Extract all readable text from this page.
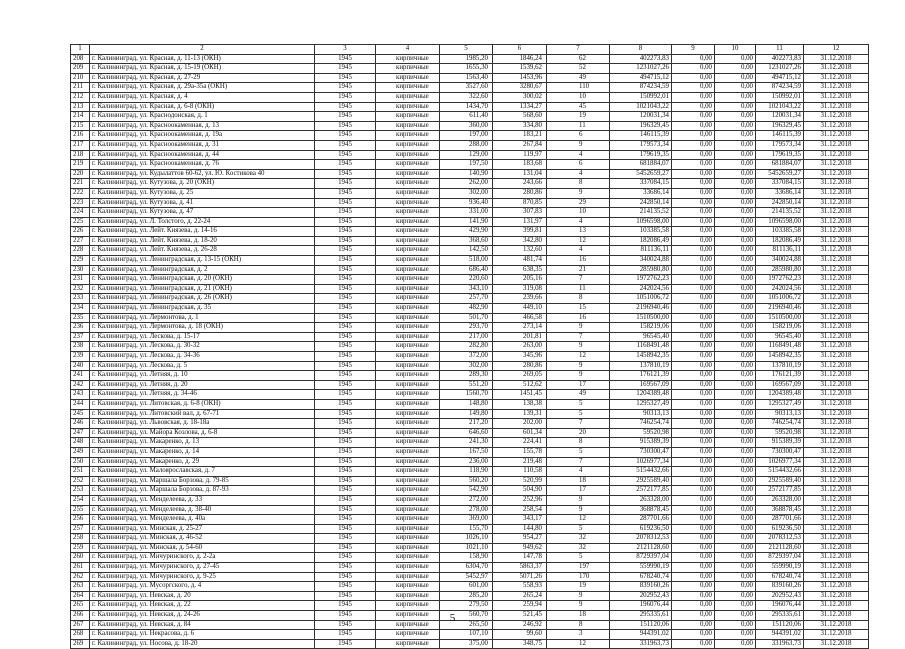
1	2	3	4	5	6	7	8	9	10	11	12
208	г. Калининград, ул. Красная, д. 11-13 (ОКН)	1945	кирпичные	1985,20	1846,24	62	402273,83	0,00	0,00	402273,83	31.12.2018
209	г. Калининград, ул. Красная, д. 15-19 (ОКН)	1945	кирпичные	1655,30	1539,62	52	1231027,26	0,00	0,00	1231027,26	31.12.2018
210	г. Калининград, ул. Красная, д. 27-29	1945	кирпичные	1563,40	1453,96	49	494715,12	0,00	0,00	494715,12	31.12.2018
211	г. Калининград, ул. Красная, д. 29а-35а (ОКН)	1945	кирпичные	3527,60	3280,67	110	874234,59	0,00	0,00	874234,59	31.12.2018
212	г. Калининград, ул. Красная, д. 4	1945	кирпичные	322,60	300,02	10	150992,01	0,00	0,00	150992,01	31.12.2018
213	г. Калининград, ул. Красная, д. 6-8 (ОКН)	1945	кирпичные	1434,70	1334,27	45	1021043,22	0,00	0,00	1021043,22	31.12.2018
214	г. Калининград, ул. Краснодонская, д. 1	1945	кирпичные	611,40	568,60	19	120031,34	0,00	0,00	120031,34	31.12.2018
215	г. Калининград, ул. Красноокаменная, д. 13	1945	кирпичные	360,00	334,80	11	196329,45	0,00	0,00	196329,45	31.12.2018
216	г. Калининград, ул. Красноокаменная, д. 19а	1945	кирпичные	197,00	183,21	6	146115,39	0,00	0,00	146115,39	31.12.2018
217	г. Калининград, ул. Красноокаменная, д. 31	1945	кирпичные	288,00	267,84	9	179573,34	0,00	0,00	179573,34	31.12.2018
218	г. Калининград, ул. Красноокаменная, д. 44	1945	кирпичные	129,00	119,97	4	179619,35	0,00	0,00	179619,35	31.12.2018
219	г. Калининград, ул. Красноокаменная, д. 76	1945	кирпичные	197,50	183,68	6	681884,07	0,00	0,00	681884,07	31.12.2018
220	г. Калининград, ул. Кудылаттов 60-62, ул. Ю. Костикова 40	1945	кирпичные	140,90	131,04	4	5452659,27	0,00	0,00	5452659,27	31.12.2018
221	г. Калининград, ул. Кутузова, д. 20 (ОКН)	1945	кирпичные	262,00	243,66	8	337084,15	0,00	0,00	337084,15	31.12.2018
222	г. Калининград, ул. Кутузова, д. 25	1945	кирпичные	302,00	280,86	9	33686,14	0,00	0,00	33686,14	31.12.2018
223	г. Калининград, ул. Кутузова, д. 41	1945	кирпичные	936,40	870,85	29	242850,14	0,00	0,00	242850,14	31.12.2018
224	г. Калининград, ул. Кутузова, д. 47	1945	кирпичные	331,00	307,83	10	214135,52	0,00	0,00	214135,52	31.12.2018
225	г. Калининград, ул. Л. Толстого, д. 22-24	1945	кирпичные	141,90	131,97	4	1096598,00	0,00	0,00	1096598,00	31.12.2018
226	г. Калининград, ул. Лейт. Князева, д. 14-16	1945	кирпичные	429,90	399,81	13	103385,58	0,00	0,00	103385,58	31.12.2018
227	г. Калининград, ул. Лейт. Князева, д. 18-20	1945	кирпичные	368,60	342,80	12	182086,49	0,00	0,00	182086,49	31.12.2018
228	г. Калининград, ул. Лейт. Князева, д. 26-28	1945	кирпичные	142,50	132,60	4	811136,11	0,00	0,00	811136,11	31.12.2018
229	г. Калининград, ул. Ленинградская, д. 13-15 (ОКН)	1945	кирпичные	518,00	481,74	16	340024,88	0,00	0,00	340024,88	31.12.2018
230	г. Калининград, ул. Ленинградская, д. 2	1945	кирпичные	686,40	638,35	21	285980,80	0,00	0,00	285980,80	31.12.2018
231	г. Калининград, ул. Ленинградская, д. 20 (ОКН)	1945	кирпичные	220,60	205,16	7	1972762,23	0,00	0,00	1972762,23	31.12.2018
232	г. Калининград, ул. Ленинградская, д. 21 (ОКН)	1945	кирпичные	343,10	319,08	11	242024,56	0,00	0,00	242024,56	31.12.2018
233	г. Калининград, ул. Ленинградская, д. 26 (ОКН)	1945	кирпичные	257,70	239,66	8	1051006,72	0,00	0,00	1051006,72	31.12.2018
234	г. Калининград, ул. Ленинградская, д. 35	1945	кирпичные	482,90	449,10	15	2196940,46	0,00	0,00	2196940,46	31.12.2018
235	г. Калининград, ул. Лермонтова, д. 1	1945	кирпичные	501,70	466,58	16	1510500,00	0,00	0,00	1510500,00	31.12.2018
236	г. Калининград, ул. Лермонтова, д. 18 (ОКН)	1945	кирпичные	293,70	273,14	9	158219,06	0,00	0,00	158219,06	31.12.2018
237	г. Калининград, ул. Лескова, д. 15-17	1945	кирпичные	217,00	201,81	7	96545,40	0,00	0,00	96545,40	31.12.2018
238	г. Калининград, ул. Лескова, д. 30-32	1945	кирпичные	282,80	263,00	9	1168491,48	0,00	0,00	1168491,48	31.12.2018
239	г. Калининград, ул. Лескова, д. 34-36	1945	кирпичные	372,00	345,96	12	1458942,35	0,00	0,00	1458942,35	31.12.2018
240	г. Калининград, ул. Лескова, д. 5	1945	кирпичные	302,00	280,86	9	137810,19	0,00	0,00	137810,19	31.12.2018
241	г. Калининград, ул. Летняя, д. 10	1945	кирпичные	289,30	269,05	9	176121,39	0,00	0,00	176121,39	31.12.2018
242	г. Калининград, ул. Летняя, д. 20	1945	кирпичные	551,20	512,62	17	169567,09	0,00	0,00	169567,09	31.12.2018
243	г. Калининград, ул. Летняя, д. 34-46	1945	кирпичные	1560,70	1451,45	49	1204389,48	0,00	0,00	1204389,48	31.12.2018
244	г. Калининград, ул. Литовская, д. 6-8 (ОКН)	1945	кирпичные	148,80	138,38	5	1295327,49	0,00	0,00	1295327,49	31.12.2018
245	г. Калининград, ул. Литовский вал, д. 67-71	1945	кирпичные	149,80	139,31	5	90313,13	0,00	0,00	90313,13	31.12.2018
246	г. Калининград, ул. Львовская, д. 18-18а	1945	кирпичные	217,20	202,00	7	746254,74	0,00	0,00	746254,74	31.12.2018
247	г. Калининград, ул. Майора Козлова, д. 6-8	1945	кирпичные	646,60	601,34	20	59520,98	0,00	0,00	59520,98	31.12.2018
248	г. Калининград, ул. Макаренко, д. 13	1945	кирпичные	241,30	224,41	8	915389,39	0,00	0,00	915389,39	31.12.2018
249	г. Калининград, ул. Макаренко, д. 14	1945	кирпичные	167,50	155,78	5	730300,47	0,00	0,00	730300,47	31.12.2018
250	г. Калининград, ул. Макаренко, д. 29	1945	кирпичные	236,00	219,48	7	1026977,34	0,00	0,00	1026977,34	31.12.2018
251	г. Калининград, ул. Малоярославская, д. 7	1945	кирпичные	118,90	110,58	4	5154432,66	0,00	0,00	5154432,66	31.12.2018
252	г. Калининград, ул. Маршала Борзова, д. 79-85	1945	кирпичные	560,20	520,99	18	2925589,40	0,00	0,00	2925589,40	31.12.2018
253	г. Калининград, ул. Маршала Борзова, д. 87-93	1945	кирпичные	542,90	504,90	17	2572177,85	0,00	0,00	2572177,85	31.12.2018
254	г. Калининград, ул. Менделеева, д. 33	1945	кирпичные	272,00	252,96	9	263328,00	0,00	0,00	263328,00	31.12.2018
255	г. Калининград, ул. Менделеева, д. 38-40	1945	кирпичные	278,00	258,54	9	368878,45	0,00	0,00	368878,45	31.12.2018
256	г. Калининград, ул. Менделеева, д. 40а	1945	кирпичные	369,00	343,17	12	287701,66	0,00	0,00	287701,66	31.12.2018
257	г. Калининград, ул. Минская, д. 25-27	1945	кирпичные	155,70	144,80	5	619236,50	0,00	0,00	619236,50	31.12.2018
258	г. Калининград, ул. Минская, д. 46-52	1945	кирпичные	1026,10	954,27	32	2078312,53	0,00	0,00	2078312,53	31.12.2018
259	г. Калининград, ул. Минская, д. 54-60	1945	кирпичные	1021,10	949,62	32	2121128,60	0,00	0,00	2121128,60	31.12.2018
260	г. Калининград, ул. Мичуринского, д. 2-2а	1945	кирпичные	158,90	147,78	5	8729397,04	0,00	0,00	8729397,04	31.12.2018
261	г. Калининград, ул. Мичуринского, д. 27-45	1945	кирпичные	6304,70	5863,37	197	559990,19	0,00	0,00	559990,19	31.12.2018
262	г. Калининград, ул. Мичуринского, д. 9-25	1945	кирпичные	5452,97	5071,26	170	678240,74	0,00	0,00	678240,74	31.12.2018
263	г. Калининград, ул. Мусоргского, д. 4	1945	кирпичные	601,00	558,93	19	839160,26	0,00	0,00	839160,26	31.12.2018
264	г. Калининград, ул. Невская, д. 20	1945	кирпичные	285,20	265,24	9	202952,43	0,00	0,00	202952,43	31.12.2018
265	г. Калининград, ул. Невская, д. 22	1945	кирпичные	279,50	259,94	9	196076,44	0,00	0,00	196076,44	31.12.2018
266	г. Калининград, ул. Невская, д. 24-26	1945	кирпичные	560,70	521,45	18	295335,61	0,00	0,00	295335,61	31.12.2018
267	г. Калининград, ул. Невская, д. 84	1945	кирпичные	265,50	246,92	8	151120,06	0,00	0,00	151120,06	31.12.2018
268	г. Калининград, ул. Некрасова, д. 6	1945	кирпичные	107,10	99,60	3	944391,02	0,00	0,00	944391,02	31.12.2018
269	г. Калининград, ул. Носова, д. 18-20	1945	кирпичные	375,00	348,75	12	331963,73	0,00	0,00	331963,73	31.12.2018
5
